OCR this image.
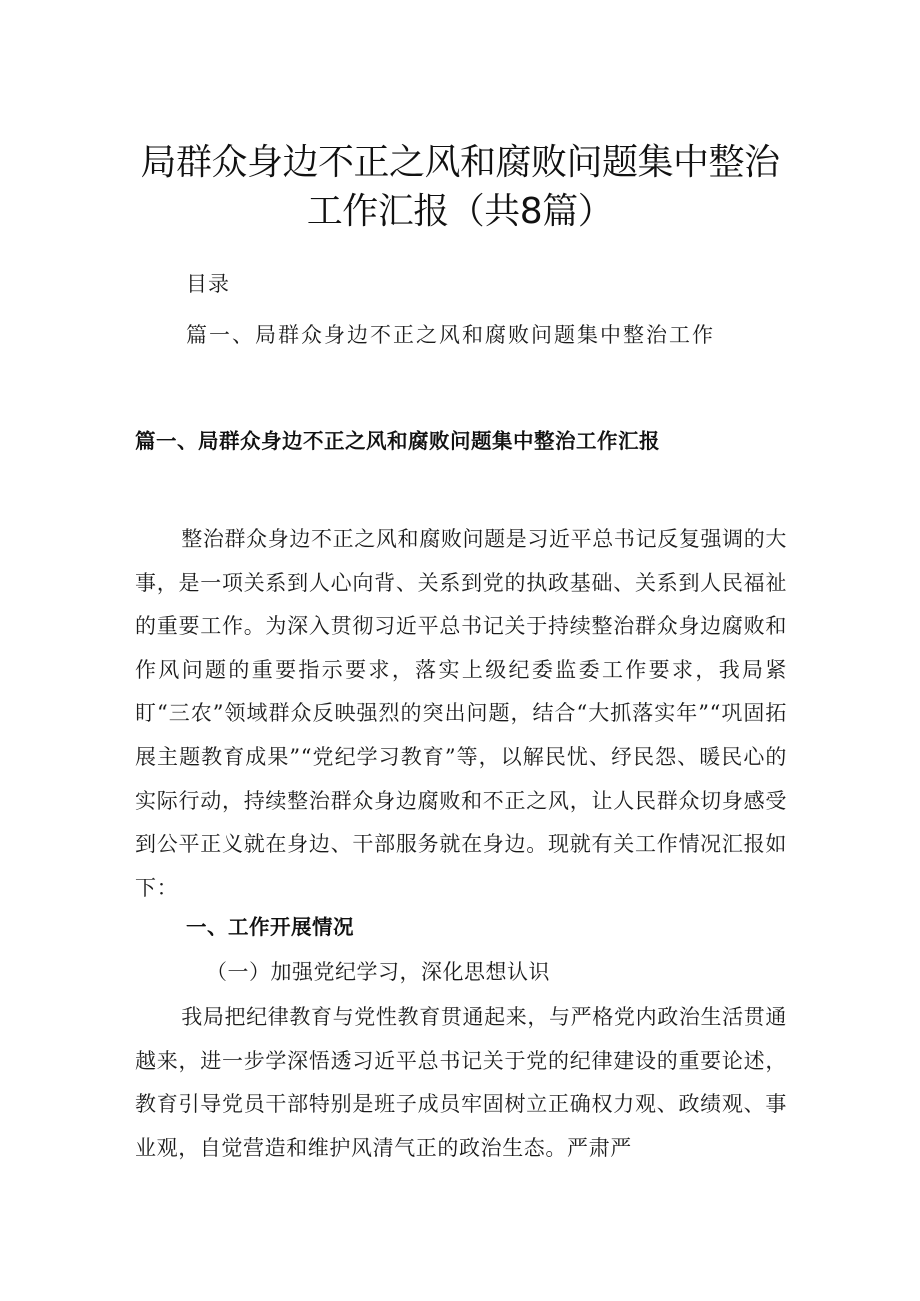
局群众身边不正之风和腐败问题集中整治
工作汇报（共8篇）
目录
篇一、局群众身边不正之风和腐败问题集中整治工作
篇一、局群众身边不正之风和腐败问题集中整治工作汇报

整治群众身边不正之风和腐败问题是习近平总书记反复强调的大事，是一项关系到人心向背、关系到党的执政基础、关系到人民福祉的重要工作。为深入贯彻习近平总书记关于持续整治群众身边腐败和作风问题的重要指示要求，落实上级纪委监委工作要求，我局紧盯“三农”领域群众反映强烈的突出问题，结合“大抓落实年”“巩固拓展主题教育成果”“党纪学习教育”等，以解民忧、纾民怨、暖民心的实际行动，持续整治群众身边腐败和不正之风，让人民群众切身感受到公平正义就在身边、干部服务就在身边。现就有关工作情况汇报如下：

一、工作开展情况
（一）加强党纪学习，深化思想认识

我局把纪律教育与党性教育贯通起来，与严格党内政治生活贯通越来，进一步学深悟透习近平总书记关于党的纪律建设的重要论述，教育引导党员干部特别是班子成员牢固树立正确权力观、政绩观、事业观，自觉营造和维护风清气正的政治生态。严肃严
